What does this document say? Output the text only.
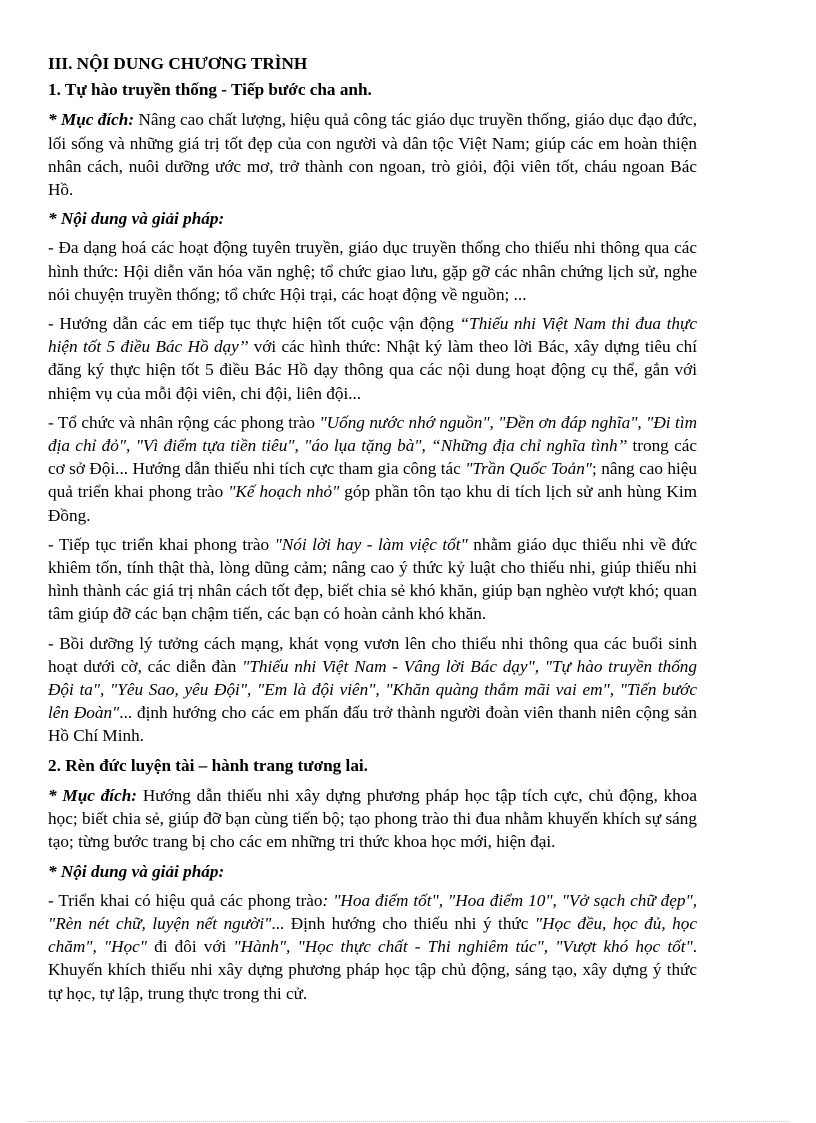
III. NỘI DUNG CHƯƠNG TRÌNH

1. Tự hào truyền thống - Tiếp bước cha anh.

* Mục đích: Nâng cao chất lượng, hiệu quả công tác giáo dục truyền thống, giáo dục đạo đức, lối sống và những giá trị tốt đẹp của con người và dân tộc Việt Nam; giúp các em hoàn thiện nhân cách, nuôi dưỡng ước mơ, trở thành con ngoan, trò giỏi, đội viên tốt, cháu ngoan Bác Hồ.

* Nội dung và giải pháp:

- Đa dạng hoá các hoạt động tuyên truyền, giáo dục truyền thống cho thiếu nhi thông qua các hình thức: Hội diễn văn hóa văn nghệ; tổ chức giao lưu, gặp gỡ các nhân chứng lịch sử, nghe nói chuyện truyền thống; tổ chức Hội trại, các hoạt động về nguồn; ...

- Hướng dẫn các em tiếp tục thực hiện tốt cuộc vận động “Thiếu nhi Việt Nam thi đua thực hiện tốt 5 điều Bác Hồ dạy’’ với các hình thức: Nhật ký làm theo lời Bác, xây dựng tiêu chí đăng ký thực hiện tốt 5 điều Bác Hồ dạy thông qua các nội dung hoạt động cụ thể, gắn với nhiệm vụ của mỗi đội viên, chi đội, liên đội...

- Tổ chức và nhân rộng các phong trào "Uống nước nhớ nguồn", "Đền ơn đáp nghĩa", "Đi tìm địa chỉ đỏ", "Vì điểm tựa tiền tiêu", "áo lụa tặng bà", “Những địa chỉ nghĩa tình’’ trong các cơ sở Đội... Hướng dẫn thiếu nhi tích cực tham gia công tác "Trần Quốc Toản"; nâng cao hiệu quả triển khai phong trào "Kế hoạch nhỏ" góp phần tôn tạo khu di tích lịch sử anh hùng Kim Đồng.

- Tiếp tục triển khai phong trào "Nói lời hay - làm việc tốt" nhằm giáo dục thiếu nhi về đức khiêm tốn, tính thật thà, lòng dũng cảm; nâng cao ý thức kỷ luật cho thiếu nhi, giúp thiếu nhi hình thành các giá trị nhân cách tốt đẹp, biết chia sẻ khó khăn, giúp bạn nghèo vượt khó; quan tâm giúp đỡ các bạn chậm tiến, các bạn có hoàn cảnh khó khăn.

- Bồi dưỡng lý tưởng cách mạng, khát vọng vươn lên cho thiếu nhi thông qua các buổi sinh hoạt dưới cờ, các diễn đàn "Thiếu nhi Việt Nam - Vâng lời Bác dạy", "Tự hào truyền thống Đội ta", "Yêu Sao, yêu Đội", "Em là đội viên", "Khăn quàng thắm mãi vai em", "Tiến bước lên Đoàn"... định hướng cho các em phấn đấu trở thành người đoàn viên thanh niên cộng sản Hồ Chí Minh.

2. Rèn đức luyện tài – hành trang tương lai.

* Mục đích: Hướng dẫn thiếu nhi xây dựng phương pháp học tập tích cực, chủ động, khoa học; biết chia sẻ, giúp đỡ bạn cùng tiến bộ; tạo phong trào thi đua nhằm khuyến khích sự sáng tạo; từng bước trang bị cho các em những tri thức khoa học mới, hiện đại.

* Nội dung và giải pháp:

- Triển khai có hiệu quả các phong trào: "Hoa điểm tốt", "Hoa điểm 10", "Vở sạch chữ đẹp", "Rèn nét chữ, luyện nết người"... Định hướng cho thiếu nhi ý thức "Học đều, học đủ, học chăm", "Học" đi đôi với "Hành", "Học thực chất - Thi nghiêm túc", "Vượt khó học tốt". Khuyến khích thiếu nhi xây dựng phương pháp học tập chủ động, sáng tạo, xây dựng ý thức tự học, tự lập, trung thực trong thi cử.
